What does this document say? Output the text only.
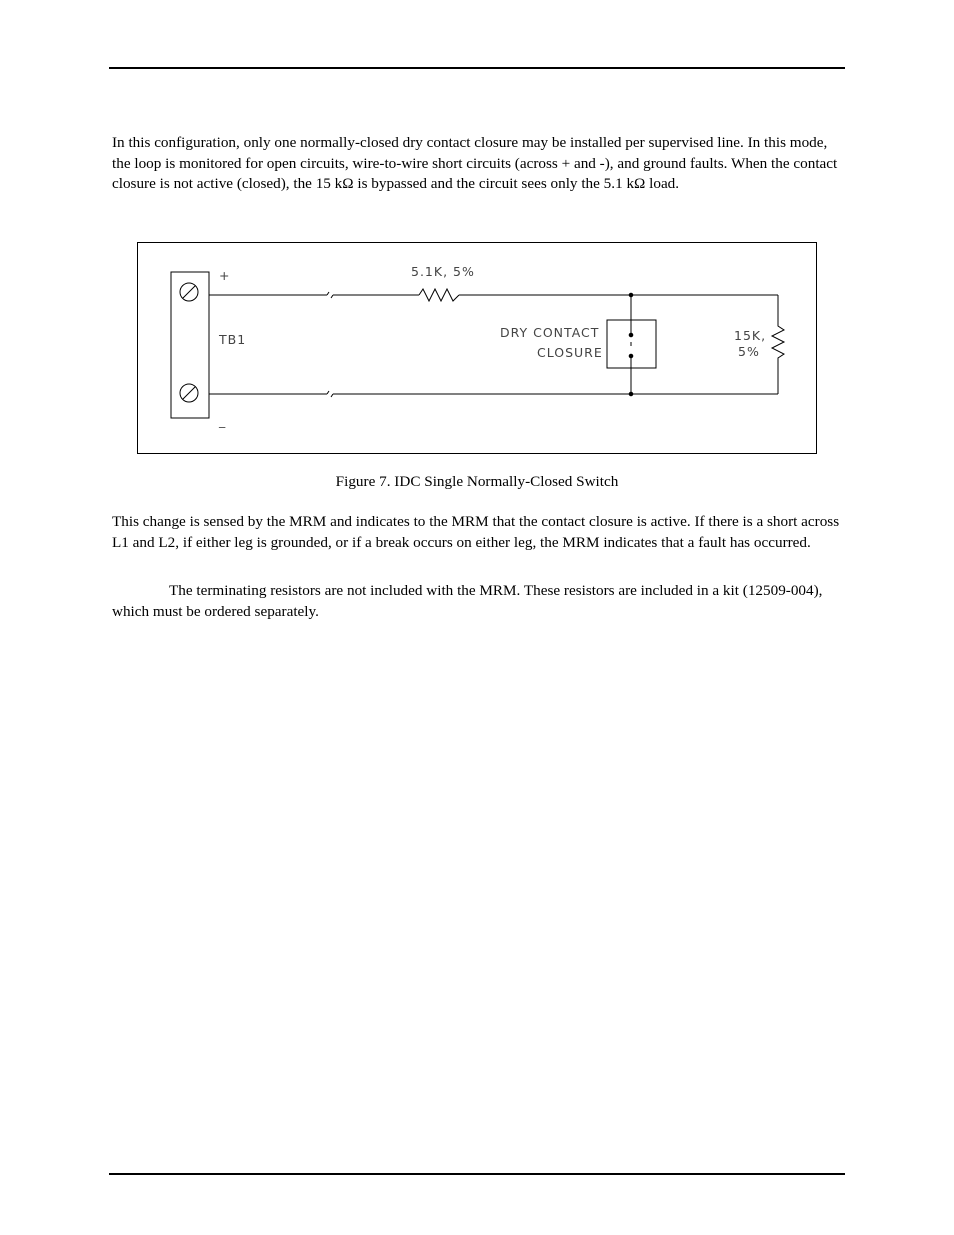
In this configuration, only one normally-closed dry contact closure may be installed per supervised line. In this mode, the loop is monitored for open circuits, wire-to-wire short circuits (across + and -), and ground faults. When the contact closure is not active (closed), the 15 kΩ is bypassed and the circuit sees only the 5.1 kΩ load.

+
TB1
_
5.1K, 5%
DRY CONTACT
CLOSURE
15K,
5%
Figure 7. IDC Single Normally-Closed Switch

This change is sensed by the MRM and indicates to the MRM that the contact closure is active. If there is a short across L1 and L2, if either leg is grounded, or if a break occurs on either leg, the MRM indicates that a fault has occurred.

The terminating resistors are not included with the MRM. These resistors are included in a kit (12509-004), which must be ordered separately.
